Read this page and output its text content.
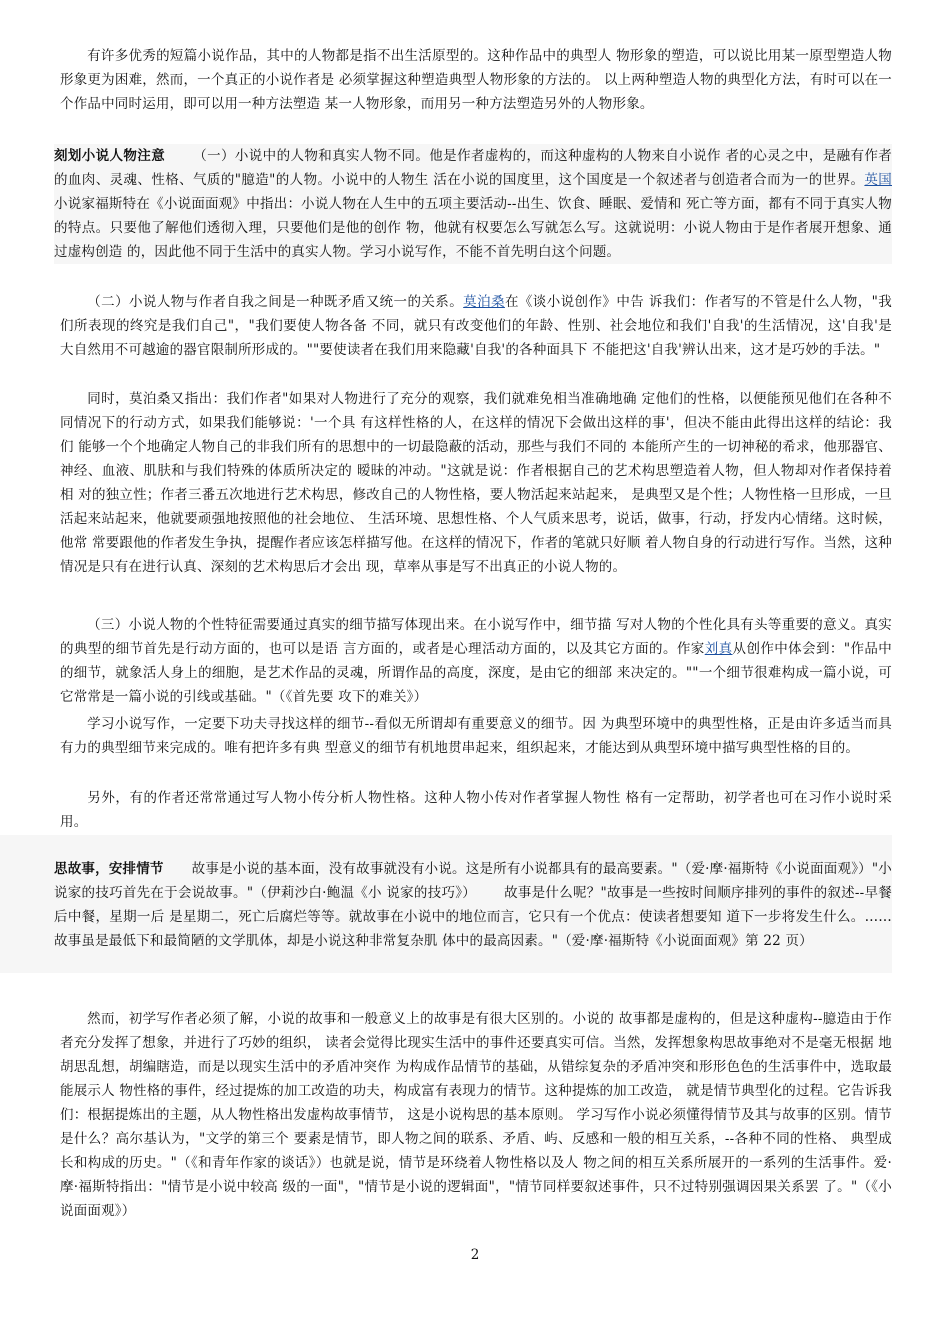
有许多优秀的短篇小说作品，其中的人物都是指不出生活原型的。这种作品中的典型人 物形象的塑造，可以说比用某一原型塑造人物形象更为困难，然而，一个真正的小说作者是 必须掌握这种塑造典型人物形象的方法的。 以上两种塑造人物的典型化方法，有时可以在一个作品中同时运用，即可以用一种方法塑造 某一人物形象，而用另一种方法塑造另外的人物形象。
刻划小说人物注意 （一）小说中的人物和真实人物不同。他是作者虚构的，而这种虚构的人物来自小说作 者的心灵之中，是融有作者的血肉、灵魂、性格、气质的"臆造"的人物。小说中的人物生 活在小说的国度里，这个国度是一个叙述者与创造者合而为一的世界。英国小说家福斯特在《小说面面观》中指出：小说人物在人生中的五项主要活动--出生、饮食、睡眠、爱情和 死亡等方面，都有不同于真实人物的特点。只要他了解他们透彻入理，只要他们是他的创作 物，他就有权要怎么写就怎么写。这就说明：小说人物由于是作者展开想象、通过虚构创造 的，因此他不同于生活中的真实人物。学习小说写作，不能不首先明白这个问题。
（二）小说人物与作者自我之间是一种既矛盾又统一的关系。莫泊桑在《谈小说创作》中告 诉我们：作者写的不管是什么人物，"我们所表现的终究是我们自己"，"我们要使人物各备 不同，就只有改变他们的年龄、性别、社会地位和我们'自我'的生活情况，这'自我'是 大自然用不可越逾的器官限制所形成的。""要使读者在我们用来隐藏'自我'的各种面具下 不能把这'自我'辨认出来，这才是巧妙的手法。"
同时，莫泊桑又指出：我们作者"如果对人物进行了充分的观察，我们就难免相当准确地确 定他们的性格，以便能预见他们在各种不同情况下的行动方式，如果我们能够说：'一个具 有这样性格的人，在这样的情况下会做出这样的事'，但决不能由此得出这样的结论：我们 能够一个个地确定人物自己的非我们所有的思想中的一切最隐蔽的活动，那些与我们不同的 本能所产生的一切神秘的希求，他那器官、神经、血液、肌肤和与我们特殊的体质所决定的 暧昧的冲动。"这就是说：作者根据自己的艺术构思塑造着人物，但人物却对作者保持着相 对的独立性；作者三番五次地进行艺术构思，修改自己的人物性格，要人物活起来站起来， 是典型又是个性；人物性格一旦形成，一旦活起来站起来，他就要顽强地按照他的社会地位、 生活环境、思想性格、个人气质来思考，说话，做事，行动，抒发内心情绪。这时候，他常 常要跟他的作者发生争执，提醒作者应该怎样描写他。在这样的情况下，作者的笔就只好顺 着人物自身的行动进行写作。当然，这种情况是只有在进行认真、深刻的艺术构思后才会出 现，草率从事是写不出真正的小说人物的。
（三）小说人物的个性特征需要通过真实的细节描写体现出来。在小说写作中，细节描 写对人物的个性化具有头等重要的意义。真实的典型的细节首先是行动方面的，也可以是语 言方面的，或者是心理活动方面的，以及其它方面的。作家刘真从创作中体会到："作品中 的细节，就象活人身上的细胞，是艺术作品的灵魂，所谓作品的高度，深度，是由它的细部 来决定的。""一个细节很难构成一篇小说，可它常常是一篇小说的引线或基础。"（《首先要 攻下的难关》）
学习小说写作，一定要下功夫寻找这样的细节--看似无所谓却有重要意义的细节。因 为典型环境中的典型性格，正是由许多适当而具有力的典型细节来完成的。唯有把许多有典 型意义的细节有机地贯串起来，组织起来，才能达到从典型环境中描写典型性格的目的。
另外，有的作者还常常通过写人物小传分析人物性格。这种人物小传对作者掌握人物性 格有一定帮助，初学者也可在习作小说时采用。
思故事，安排情节 故事是小说的基本面，没有故事就没有小说。这是所有小说都具有的最高要素。"（爱·摩·福斯特《小说面面观》）"小说家的技巧首先在于会说故事。"（伊莉沙白·鲍温《小 说家的技巧》） 故事是什么呢？"故事是一些按时间顺序排列的事件的叙述--早餐后中餐，星期一后 是星期二，死亡后腐烂等等。就故事在小说中的地位而言，它只有一个优点：使读者想要知 道下一步将发生什么。……故事虽是最低下和最简陋的文学肌体，却是小说这种非常复杂肌 体中的最高因素。"（爱·摩·福斯特《小说面面观》第 22 页）
然而，初学写作者必须了解，小说的故事和一般意义上的故事是有很大区别的。小说的 故事都是虚构的，但是这种虚构--臆造由于作者充分发挥了想象，并进行了巧妙的组织， 读者会觉得比现实生活中的事件还要真实可信。当然，发挥想象构思故事绝对不是毫无根据 地胡思乱想，胡编瞎造，而是以现实生活中的矛盾冲突作 为构成作品情节的基础，从错综复杂的矛盾冲突和形形色色的生活事件中，选取最能展示人 物性格的事件，经过提炼的加工改造的功夫，构成富有表现力的情节。这种提炼的加工改造， 就是情节典型化的过程。它告诉我们：根据提炼出的主题，从人物性格出发虚构故事情节， 这是小说构思的基本原则。 学习写作小说必须懂得情节及其与故事的区别。情节是什么？高尔基认为，"文学的第三个 要素是情节，即人物之间的联系、矛盾、屿、反感和一般的相互关系，--各种不同的性格、 典型成长和构成的历史。"（《和青年作家的谈话》）也就是说，情节是环绕着人物性格以及人 物之间的相互关系所展开的一系列的生活事件。爱·摩·福斯特指出："情节是小说中较高 级的一面"，"情节是小说的逻辑面"，"情节同样要叙述事件，只不过特别强调因果关系罢 了。"（《小说面面观》）
2
